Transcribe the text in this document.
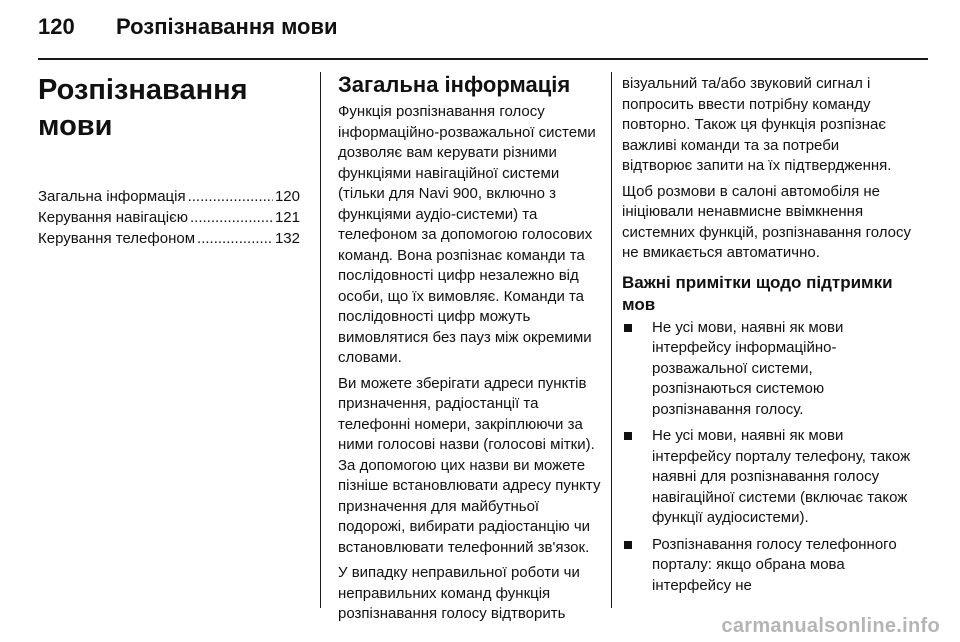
120	Розпізнавання мови
Розпізнавання мови
Загальна інформація .....	120
Керування навігацією .....	121
Керування телефоном .....	132
Загальна інформація

Функція розпізнавання голосу інформаційно-розважальної системи дозволяє вам керувати різними функціями навігаційної системи (тільки для Navi 900, включно з функціями аудіо-системи) та телефоном за допомогою голосових команд. Вона розпізнає команди та послідовності цифр незалежно від особи, що їх вимовляє. Команди та послідовності цифр можуть вимовлятися без пауз між окремими словами.

Ви можете зберігати адреси пунктів призначення, радіостанції та телефонні номери, закріплюючи за ними голосові назви (голосові мітки). За допомогою цих назви ви можете пізніше встановлювати адресу пункту призначення для майбутньої подорожі, вибирати радіостанцію чи встановлювати телефонний зв'язок.

У випадку неправильної роботи чи неправильних команд функція розпізнавання голосу відтворить

візуальний та/або звуковий сигнал і попросить ввести потрібну команду повторно. Також ця функція розпізнає важливі команди та за потреби відтворює запити на їх підтвердження.

Щоб розмови в салоні автомобіля не ініціювали ненавмисне ввімкнення системних функцій, розпізнавання голосу не вмикається автоматично.

Важні примітки щодо підтримки мов
Не усі мови, наявні як мови інтерфейсу інформаційно-розважальної системи, розпізнаються системою розпізнавання голосу.
Не усі мови, наявні як мови інтерфейсу порталу телефону, також наявні для розпізнавання голосу навігаційної системи (включає також функції аудіосистеми).
Розпізнавання голосу телефонного порталу: якщо обрана мова інтерфейсу не
carmanualsonline.info
